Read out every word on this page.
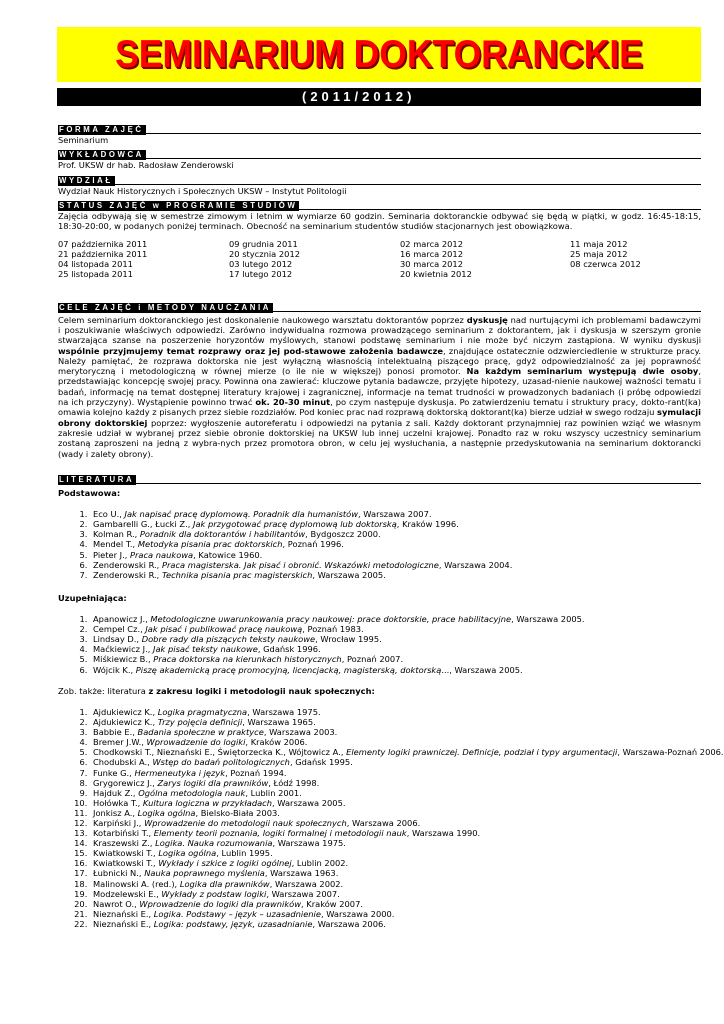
SEMINARIUM DOKTORANCKIE
(2011/2012)
FORMA ZAJĘĆ

Seminarium

WYKŁADOWCA

Prof. UKSW dr hab. Radosław Zenderowski

WYDZIAŁ

Wydział Nauk Historycznych i Społecznych UKSW – Instytut Politologii

STATUS ZAJĘĆ w PROGRAMIE STUDIÓW

Zajęcia odbywają się w semestrze zimowym i letnim w wymiarze 60 godzin. Seminaria doktoranckie odbywać się będą w piątki, w godz. 16:45-18:15, 18:30-20:00, w podanych poniżej terminach. Obecność na seminarium studentów studiów stacjonarnych jest obowiązkowa.

07 października 2011	09 grudnia 2011	02 marca 2012	11 maja 2012
21 października 2011	20 stycznia 2012	16 marca 2012	25 maja 2012
04 listopada 2011	03 lutego 2012	30 marca 2012	08 czerwca 2012
25 listopada 2011	17 lutego 2012	20 kwietnia 2012
CELE ZAJĘĆ i METODY NAUCZANIA

Celem seminarium doktoranckiego jest doskonalenie naukowego warsztatu doktorantów poprzez dyskusję nad nurtującymi ich problemami badawczymi i poszukiwanie właściwych odpowiedzi. Zarówno indywidualna rozmowa prowadzącego seminarium z doktorantem, jak i dyskusja w szerszym gronie stwarzająca szanse na poszerzenie horyzontów myślowych, stanowi podstawę seminarium i nie może być niczym zastąpiona. W wyniku dyskusji wspólnie przyjmujemy temat rozprawy oraz jej pod-stawowe założenia badawcze, znajdujące ostatecznie odzwierciedlenie w strukturze pracy. Należy pamiętać, że rozprawa doktorska nie jest wyłączną własnością intelektualną piszącego pracę, gdyż odpowiedzialność za jej poprawność merytoryczną i metodologiczną w równej mierze (o ile nie w większej) ponosi promotor. Na każdym seminarium występują dwie osoby, przedstawiając koncepcję swojej pracy. Powinna ona zawierać: kluczowe pytania badawcze, przyjęte hipotezy, uzasad-nienie naukowej ważności tematu i badań, informację na temat dostępnej literatury krajowej i zagranicznej, informacje na temat trudności w prowadzonych badaniach (i próbę odpowiedzi na ich przyczyny). Wystąpienie powinno trwać ok. 20-30 minut, po czym następuje dyskusja. Po zatwierdzeniu tematu i struktury pracy, dokto-rant(ka) omawia kolejno każdy z pisanych przez siebie rozdziałów. Pod koniec prac nad rozprawą doktorską doktorant(ka) bierze udział w swego rodzaju symulacji obrony doktorskiej poprzez: wygłoszenie autoreferatu i odpowiedzi na pytania z sali. Każdy doktorant przynajmniej raz powinien wziąć we własnym zakresie udział w wybranej przez siebie obronie doktorskiej na UKSW lub innej uczelni krajowej. Ponadto raz w roku wszyscy uczestnicy seminarium zostaną zaproszeni na jedną z wybra-nych przez promotora obron, w celu jej wysłuchania, a następnie przedyskutowania na seminarium doktorancki (wady i zalety obrony).

LITERATURA

Podstawowa:

1. Eco U., Jak napisać pracę dyplomową. Poradnik dla humanistów, Warszawa 2007.
2. Gambarelli G., Łucki Z., Jak przygotować pracę dyplomową lub doktorską, Kraków 1996.
3. Kolman R., Poradnik dla doktorantów i habilitantów, Bydgoszcz 2000.
4. Mendel T., Metodyka pisania prac doktorskich, Poznań 1996.
5. Pieter J., Praca naukowa, Katowice 1960.
6. Zenderowski R., Praca magisterska. Jak pisać i obronić. Wskazówki metodologiczne, Warszawa 2004.
7. Zenderowski R., Technika pisania prac magisterskich, Warszawa 2005.

Uzupełniająca:

1. Apanowicz J., Metodologiczne uwarunkowania pracy naukowej: prace doktorskie, prace habilitacyjne, Warszawa 2005.
2. Cempel Cz., Jak pisać i publikować pracę naukową, Poznań 1983.
3. Lindsay D., Dobre rady dla piszących teksty naukowe, Wrocław 1995.
4. Maćkiewicz J., Jak pisać teksty naukowe, Gdańsk 1996.
5. Miśkiewicz B., Praca doktorska na kierunkach historycznych, Poznań 2007.
6. Wójcik K., Piszę akademicką pracę promocyjną, licencjacką, magisterską, doktorską..., Warszawa 2005.

Zob. także: literatura z zakresu logiki i metodologii nauk społecznych:

1. Ajdukiewicz K., Logika pragmatyczna, Warszawa 1975.
2. Ajdukiewicz K., Trzy pojęcia definicji, Warszawa 1965.
3. Babbie E., Badania społeczne w praktyce, Warszawa 2003.
4. Bremer J.W., Wprowadzenie do logiki, Kraków 2006.
5. Chodkowski T., Nieznański E., Świętorzecka K., Wójtowicz A., Elementy logiki prawniczej. Definicje, podział i typy argumentacji, Warszawa-Poznań 2006.
6. Chodubski A., Wstęp do badań politologicznych, Gdańsk 1995.
7. Funke G., Hermeneutyka i język, Poznań 1994.
8. Grygorewicz J., Zarys logiki dla prawników, Łódź 1998.
9. Hajduk Z., Ogólna metodologia nauk, Lublin 2001.
10. Hołówka T., Kultura logiczna w przykładach, Warszawa 2005.
11. Jonkisz A., Logika ogólna, Bielsko-Biała 2003.
12. Karpiński J., Wprowadzenie do metodologii nauk społecznych, Warszawa 2006.
13. Kotarbiński T., Elementy teorii poznania, logiki formalnej i metodologii nauk, Warszawa 1990.
14. Kraszewski Z., Logika. Nauka rozumowania, Warszawa 1975.
15. Kwiatkowski T., Logika ogólna, Lublin 1995.
16. Kwiatkowski T., Wykłady i szkice z logiki ogólnej, Lublin 2002.
17. Łubnicki N., Nauka poprawnego myślenia, Warszawa 1963.
18. Malinowski A. (red.), Logika dla prawników, Warszawa 2002.
19. Modzelewski E., Wykłady z podstaw logiki, Warszawa 2007.
20. Nawrot O., Wprowadzenie do logiki dla prawników, Kraków 2007.
21. Nieznański E., Logika. Podstawy – język – uzasadnienie, Warszawa 2000.
22. Nieznański E., Logika: podstawy, język, uzasadnianie, Warszawa 2006.
